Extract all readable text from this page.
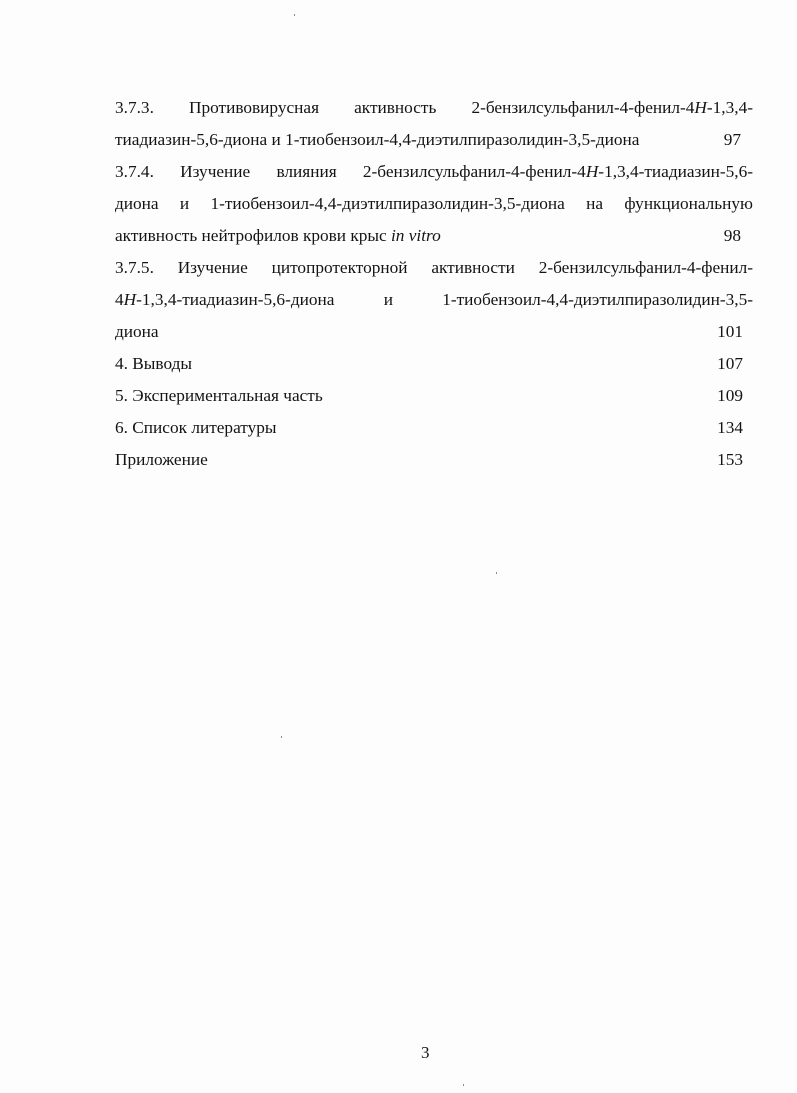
3.7.3. Противовирусная активность 2-бензилсульфанил-4-фенил-4H-1,3,4-
тиадиазин-5,6-диона и 1-тиобензоил-4,4-диэтилпиразолидин-3,5-диона	97
3.7.4. Изучение влияния 2-бензилсульфанил-4-фенил-4H-1,3,4-тиадиазин-5,6-
диона и 1-тиобензоил-4,4-диэтилпиразолидин-3,5-диона на функциональную
активность нейтрофилов крови крыс in vitro	98
3.7.5. Изучение цитопротекторной активности 2-бензилсульфанил-4-фенил-
4H-1,3,4-тиадиазин-5,6-диона	и	1-тиобензоил-4,4-диэтилпиразолидин-3,5-
диона	101
4. Выводы	107
5. Экспериментальная часть	109
6. Список литературы	134
Приложение	153
3
